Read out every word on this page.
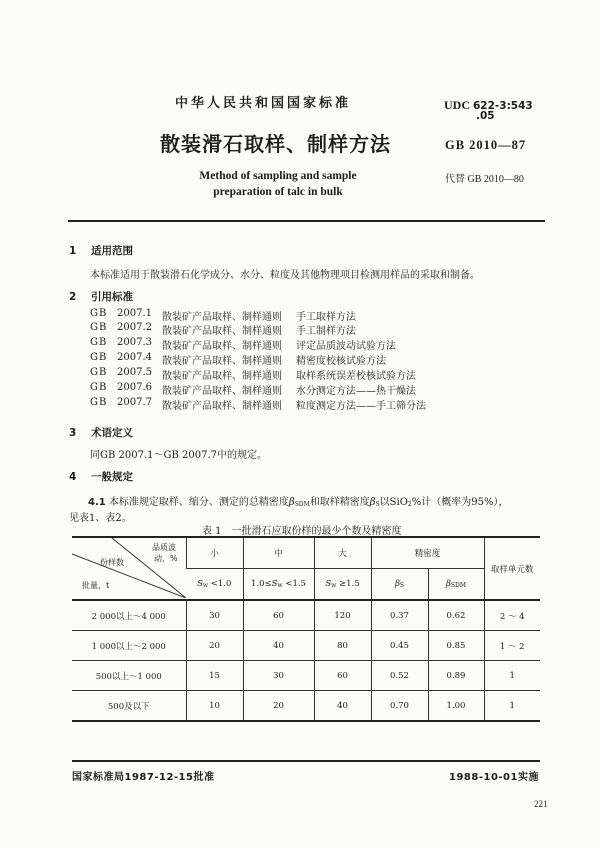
中华人民共和国国家标准
散装滑石取样、制样方法
Method of sampling and sample
preparation of talc in bulk
UDC 622-3:543
.05
GB 2010—87
代替 GB 2010—80
1 适用范围
本标准适用于散装滑石化学成分、水分、粒度及其他物理项目检测用样品的采取和制备。
2 引用标准
GB 2007.1 散装矿产品取样、制样通则 手工取样方法
GB 2007.2 散装矿产品取样、制样通则 手工制样方法
GB 2007.3 散装矿产品取样、制样通则 评定品质波动试验方法
GB 2007.4 散装矿产品取样、制样通则 精密度校核试验方法
GB 2007.5 散装矿产品取样、制样通则 取样系统误差校核试验方法
GB 2007.6 散装矿产品取样、制样通则 水分测定方法——热干燥法
GB 2007.7 散装矿产品取样、制样通则 粒度测定方法——手工筛分法
3 术语定义
同GB 2007.1～GB 2007.7中的规定。
4 一般规定
4.1 本标准规定取样、缩分、测定的总精密度βSDM和取样精密度βS以SiO2%计（概率为95%），
见表1、表2。
表 1　一批滑石应取份样的最少个数及精密度
品质波
动，%
份样数
批量，t	小	中	大	精密度		取样单元数
	Sw <1.0	1.0≤Sw <1.5	Sw ≥1.5	βS	βSDM	
2 000以上～4 000	30	60	120	0.37	0.62	2 ～ 4
1 000以上～2 000	20	40	80	0.45	0.85	1 ～ 2
500以上～1 000	15	30	60	0.52	0.89	1
500及以下	10	20	40	0.70	1.00	1
国家标准局1987-12-15批准	1988-10-01实施
221
